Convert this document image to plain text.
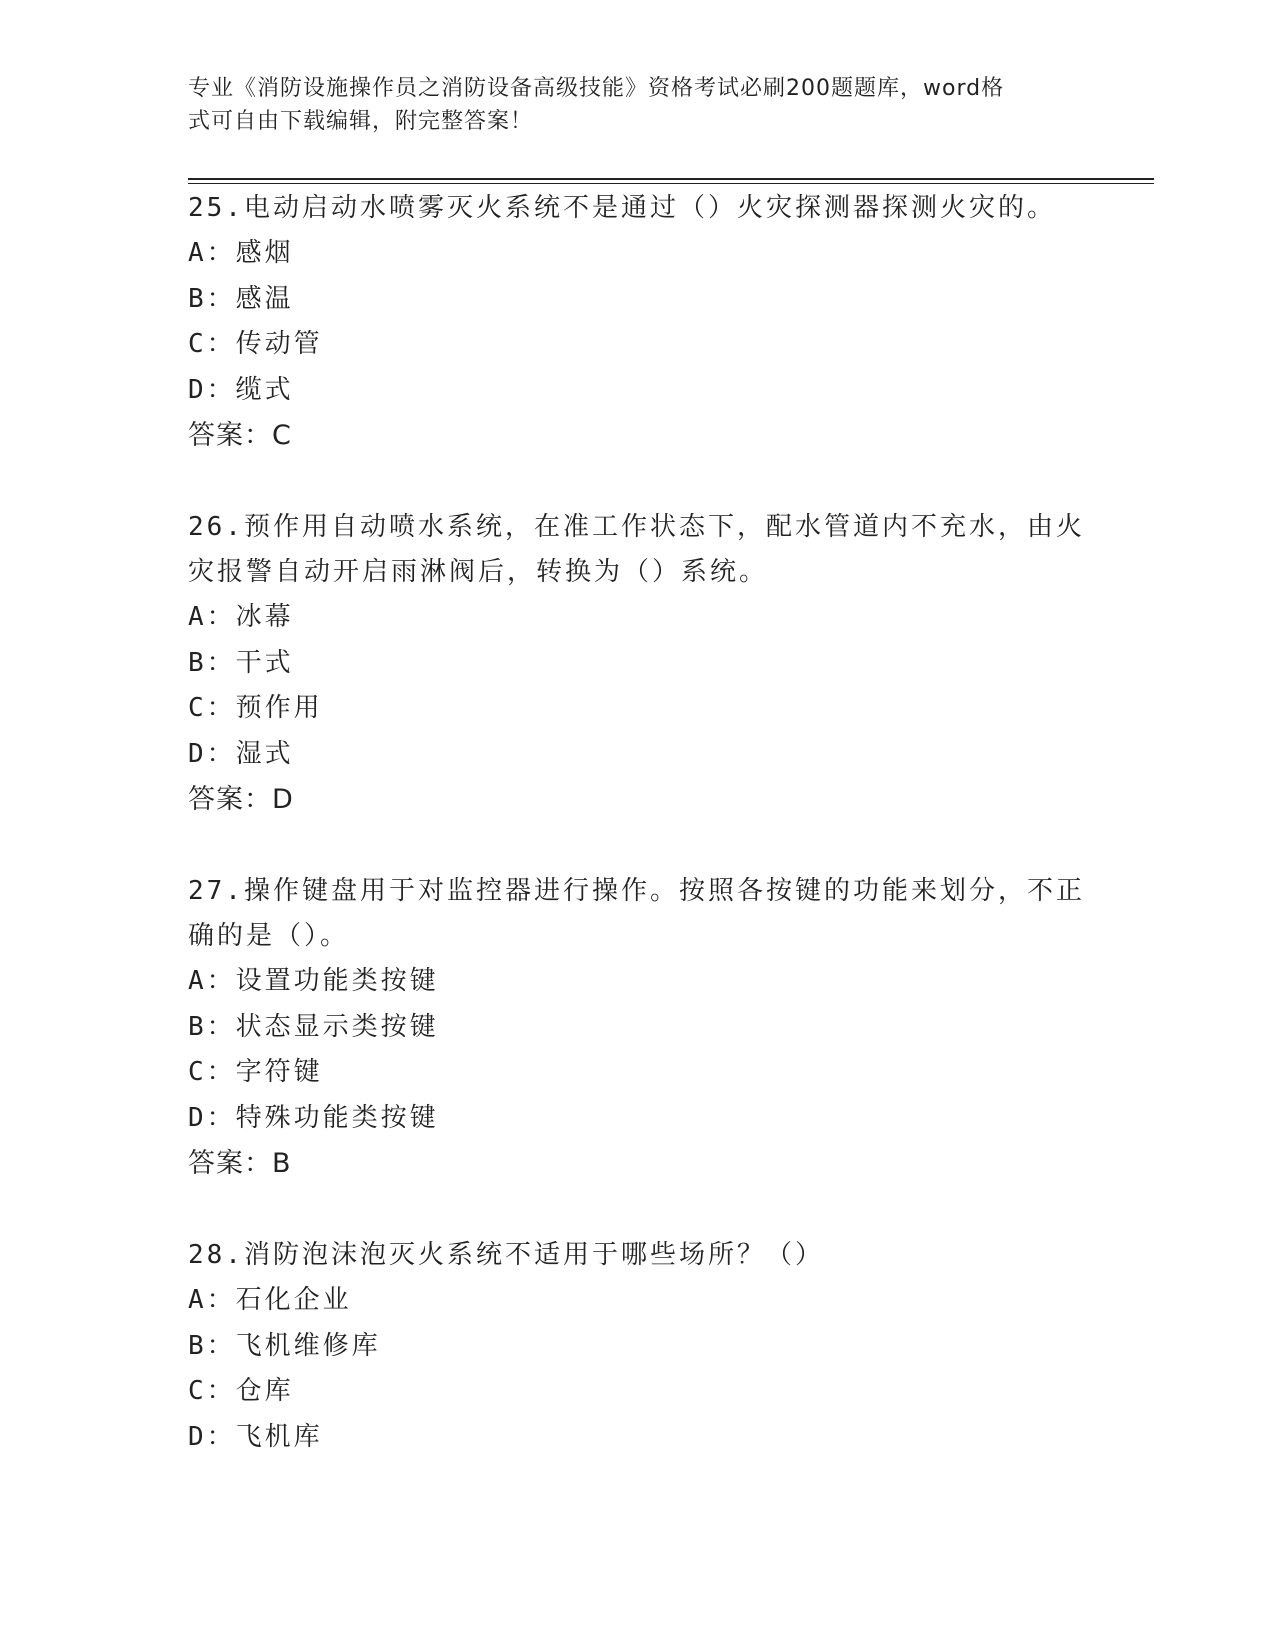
专业《消防设施操作员之消防设备高级技能》资格考试必刷200题题库，word格
式可自由下载编辑，附完整答案！
25.电动启动水喷雾灭火系统不是通过（）火灾探测器探测火灾的。
A：感烟
B：感温
C：传动管
D：缆式
答案：C
26.预作用自动喷水系统，在准工作状态下，配水管道内不充水，由火
灾报警自动开启雨淋阀后，转换为（）系统。
A：冰幕
B：干式
C：预作用
D：湿式
答案：D
27.操作键盘用于对监控器进行操作。按照各按键的功能来划分，不正
确的是（）。
A：设置功能类按键
B：状态显示类按键
C：字符键
D：特殊功能类按键
答案：B
28.消防泡沫泡灭火系统不适用于哪些场所？（）
A：石化企业
B：飞机维修库
C：仓库
D：飞机库
